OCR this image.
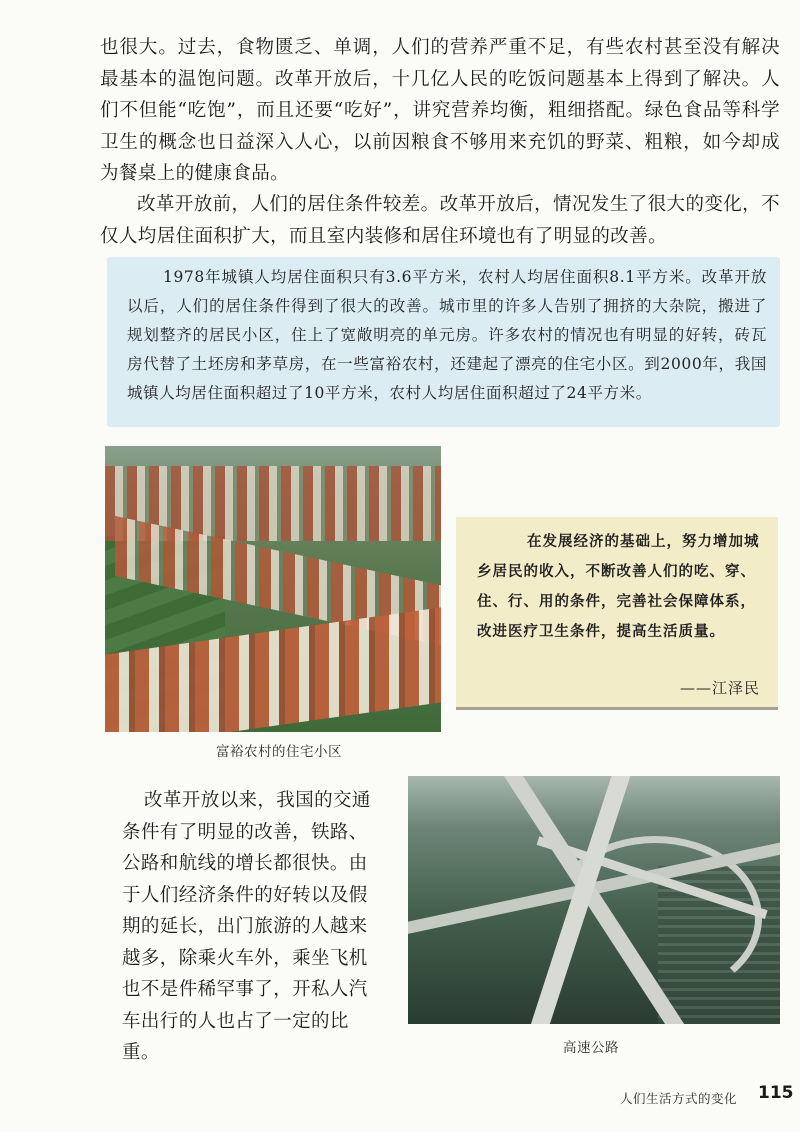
也很大。过去，食物匮乏、单调，人们的营养严重不足，有些农村甚至没有解决最基本的温饱问题。改革开放后，十几亿人民的吃饭问题基本上得到了解决。人们不但能“吃饱”，而且还要“吃好”，讲究营养均衡，粗细搭配。绿色食品等科学卫生的概念也日益深入人心，以前因粮食不够用来充饥的野菜、粗粮，如今却成为餐桌上的健康食品。

改革开放前，人们的居住条件较差。改革开放后，情况发生了很大的变化，不仅人均居住面积扩大，而且室内装修和居住环境也有了明显的改善。

1978年城镇人均居住面积只有3.6平方米，农村人均居住面积8.1平方米。改革开放以后，人们的居住条件得到了很大的改善。城市里的许多人告别了拥挤的大杂院，搬进了规划整齐的居民小区，住上了宽敞明亮的单元房。许多农村的情况也有明显的好转，砖瓦房代替了土坯房和茅草房，在一些富裕农村，还建起了漂亮的住宅小区。到2000年，我国城镇人均居住面积超过了10平方米，农村人均居住面积超过了24平方米。
富裕农村的住宅小区
在发展经济的基础上，努力增加城乡居民的收入，不断改善人们的吃、穿、住、行、用的条件，完善社会保障体系，改进医疗卫生条件，提高生活质量。
——江泽民

改革开放以来，我国的交通条件有了明显的改善，铁路、公路和航线的增长都很快。由于人们经济条件的好转以及假期的延长，出门旅游的人越来越多，除乘火车外，乘坐飞机也不是件稀罕事了，开私人汽车出行的人也占了一定的比重。	高速公路
人们生活方式的变化 115
